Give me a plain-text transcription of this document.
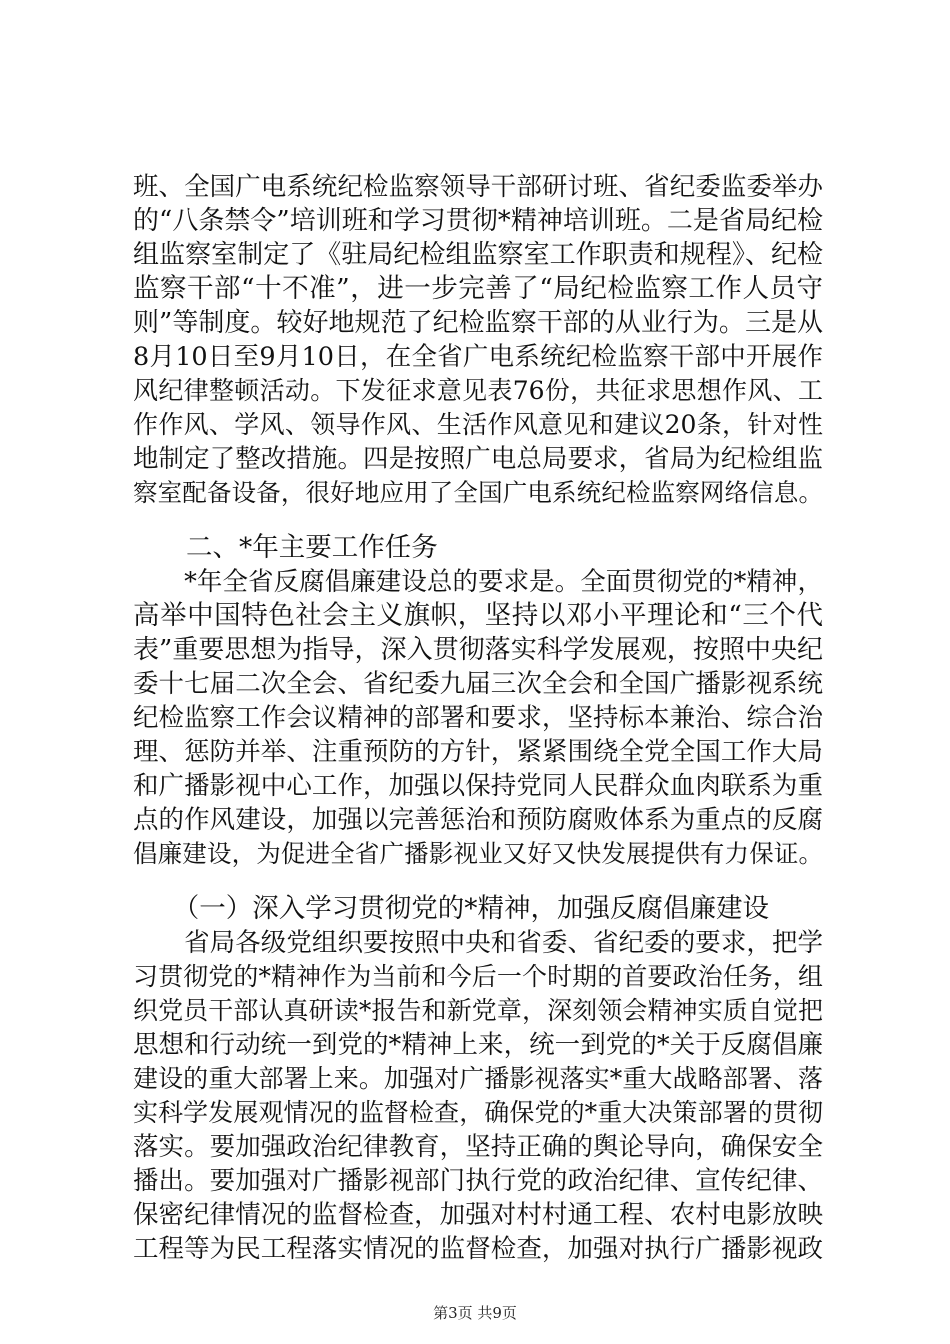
班、全国广电系统纪检监察领导干部研讨班、省纪委监委举办
的“八条禁令”培训班和学习贯彻*精神培训班。二是省局纪检
组监察室制定了《驻局纪检组监察室工作职责和规程》、纪检
监察干部“十不准”，进一步完善了“局纪检监察工作人员守
则”等制度。较好地规范了纪检监察干部的从业行为。三是从
8月10日至9月10日，在全省广电系统纪检监察干部中开展作
风纪律整顿活动。下发征求意见表76份，共征求思想作风、工
作作风、学风、领导作风、生活作风意见和建议20条，针对性
地制定了整改措施。四是按照广电总局要求，省局为纪检组监
察室配备设备，很好地应用了全国广电系统纪检监察网络信息。
　　二、*年主要工作任务
　　*年全省反腐倡廉建设总的要求是。全面贯彻党的*精神，
高举中国特色社会主义旗帜，坚持以邓小平理论和“三个代
表”重要思想为指导，深入贯彻落实科学发展观，按照中央纪
委十七届二次全会、省纪委九届三次全会和全国广播影视系统
纪检监察工作会议精神的部署和要求，坚持标本兼治、综合治
理、惩防并举、注重预防的方针，紧紧围绕全党全国工作大局
和广播影视中心工作，加强以保持党同人民群众血肉联系为重
点的作风建设，加强以完善惩治和预防腐败体系为重点的反腐
倡廉建设，为促进全省广播影视业又好又快发展提供有力保证。
　　（一）深入学习贯彻党的*精神，加强反腐倡廉建设
　　省局各级党组织要按照中央和省委、省纪委的要求，把学
习贯彻党的*精神作为当前和今后一个时期的首要政治任务，组
织党员干部认真研读*报告和新党章，深刻领会精神实质自觉把
思想和行动统一到党的*精神上来，统一到党的*关于反腐倡廉
建设的重大部署上来。加强对广播影视落实*重大战略部署、落
实科学发展观情况的监督检查，确保党的*重大决策部署的贯彻
落实。要加强政治纪律教育，坚持正确的舆论导向，确保安全
播出。要加强对广播影视部门执行党的政治纪律、宣传纪律、
保密纪律情况的监督检查，加强对村村通工程、农村电影放映
工程等为民工程落实情况的监督检查，加强对执行广播影视政
第3页 共9页
